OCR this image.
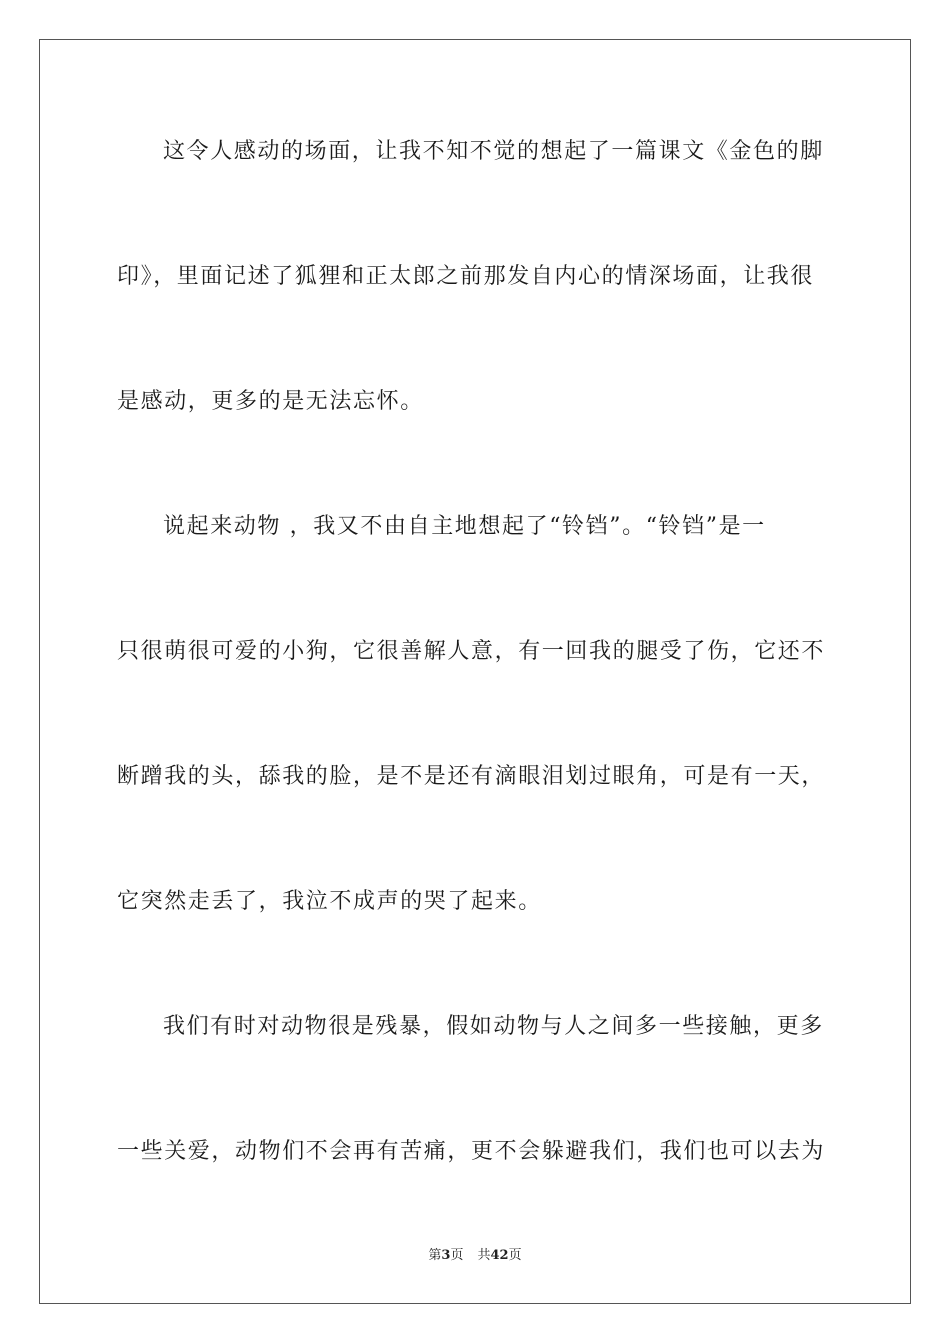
这令人感动的场面，让我不知不觉的想起了一篇课文《金色的脚
印》，里面记述了狐狸和正太郎之前那发自内心的情深场面，让我很
是感动，更多的是无法忘怀。
说起来动物 ，我又不由自主地想起了“铃铛”。“铃铛”是一
只很萌很可爱的小狗，它很善解人意，有一回我的腿受了伤，它还不
断蹭我的头，舔我的脸，是不是还有滴眼泪划过眼角，可是有一天，
它突然走丢了，我泣不成声的哭了起来。
我们有时对动物很是残暴，假如动物与人之间多一些接触，更多
一些关爱，动物们不会再有苦痛，更不会躲避我们，我们也可以去为
第3页 共42页
